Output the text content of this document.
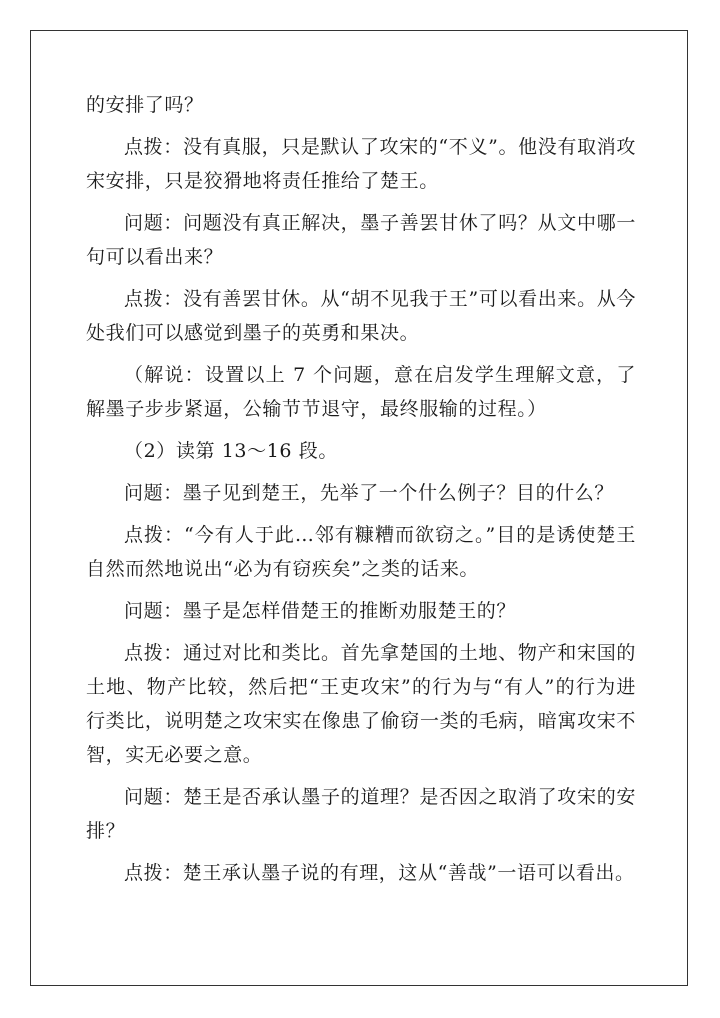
的安排了吗？

点拨：没有真服，只是默认了攻宋的“不义”。他没有取消攻宋安排，只是狡猾地将责任推给了楚王。

问题：问题没有真正解决，墨子善罢甘休了吗？从文中哪一句可以看出来？

点拨：没有善罢甘休。从“胡不见我于王”可以看出来。从今处我们可以感觉到墨子的英勇和果决。

（解说：设置以上 7 个问题，意在启发学生理解文意，了解墨子步步紧逼，公输节节退守，最终服输的过程。）

（2）读第 13～16 段。

问题：墨子见到楚王，先举了一个什么例子？目的什么？

点拨：“今有人于此…邻有糠糟而欲窃之。”目的是诱使楚王自然而然地说出“必为有窃疾矣”之类的话来。

问题：墨子是怎样借楚王的推断劝服楚王的？

点拨：通过对比和类比。首先拿楚国的土地、物产和宋国的土地、物产比较，然后把“王吏攻宋”的行为与“有人”的行为进行类比，说明楚之攻宋实在像患了偷窃一类的毛病，暗寓攻宋不智，实无必要之意。

问题：楚王是否承认墨子的道理？是否因之取消了攻宋的安排？

点拨：楚王承认墨子说的有理，这从“善哉”一语可以看出。
